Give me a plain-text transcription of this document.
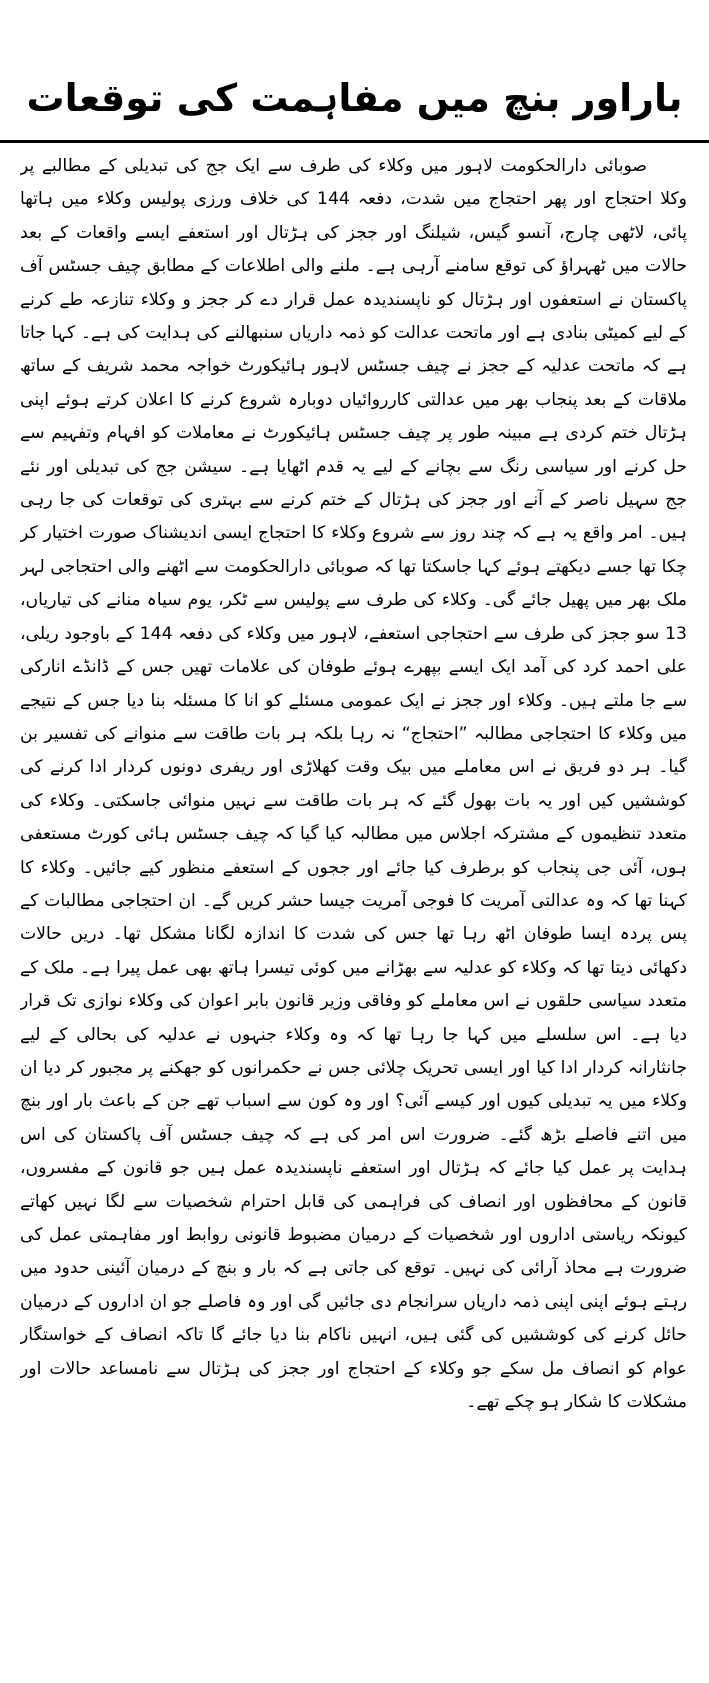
باراور بنچ میں مفاہمت کی توقعات

صوبائی دارالحکومت لاہور میں وکلاء کی طرف سے ایک جج کی تبدیلی کے مطالبے پر وکلا احتجاج اور پھر احتجاج میں شدت، دفعہ 144 کی خلاف ورزی پولیس وکلاء میں ہاتھا پائی، لاٹھی چارج، آنسو گیس، شیلنگ اور ججز کی ہڑتال اور استعفے ایسے واقعات کے بعد حالات میں ٹھہراؤ کی توقع سامنے آرہی ہے۔ ملنے والی اطلاعات کے مطابق چیف جسٹس آف پاکستان نے استعفوں اور ہڑتال کو ناپسندیدہ عمل قرار دے کر ججز و وکلاء تنازعہ طے کرنے کے لیے کمیٹی بنادی ہے اور ماتحت عدالت کو ذمہ داریاں سنبھالنے کی ہدایت کی ہے۔ کہا جاتا ہے کہ ماتحت عدلیہ کے ججز نے چیف جسٹس لاہور ہائیکورٹ خواجہ محمد شریف کے ساتھ ملاقات کے بعد پنجاب بھر میں عدالتی کارروائیاں دوبارہ شروع کرنے کا اعلان کرتے ہوئے اپنی ہڑتال ختم کردی ہے مبینہ طور پر چیف جسٹس ہائیکورٹ نے معاملات کو افہام وتفہیم سے حل کرنے اور سیاسی رنگ سے بچانے کے لیے یہ قدم اٹھایا ہے۔ سیشن جج کی تبدیلی اور نئے جج سہیل ناصر کے آنے اور ججز کی ہڑتال کے ختم کرنے سے بہتری کی توقعات کی جا رہی ہیں۔ امر واقع یہ ہے کہ چند روز سے شروع وکلاء کا احتجاج ایسی اندیشناک صورت اختیار کر چکا تھا جسے دیکھتے ہوئے کہا جاسکتا تھا کہ صوبائی دارالحکومت سے اٹھنے والی احتجاجی لہر ملک بھر میں پھیل جائے گی۔ وکلاء کی طرف سے پولیس سے ٹکر، یوم سیاہ منانے کی تیاریاں، 13 سو ججز کی طرف سے احتجاجی استعفے، لاہور میں وکلاء کی دفعہ 144 کے باوجود ریلی، علی احمد کرد کی آمد ایک ایسے بپھرے ہوئے طوفان کی علامات تھیں جس کے ڈانڈے انارکی سے جا ملتے ہیں۔ وکلاء اور ججز نے ایک عمومی مسئلے کو انا کا مسئلہ بنا دیا جس کے نتیجے میں وکلاء کا احتجاجی مطالبہ ”احتجاج“ نہ رہا بلکہ ہر بات طاقت سے منوانے کی تفسیر بن گیا۔ ہر دو فریق نے اس معاملے میں بیک وقت کھلاڑی اور ریفری دونوں کردار ادا کرنے کی کوششیں کیں اور یہ بات بھول گئے کہ ہر بات طاقت سے نہیں منوائی جاسکتی۔ وکلاء کی متعدد تنظیموں کے مشترکہ اجلاس میں مطالبہ کیا گیا کہ چیف جسٹس ہائی کورٹ مستعفی ہوں، آئی جی پنجاب کو برطرف کیا جائے اور ججوں کے استعفے منظور کیے جائیں۔ وکلاء کا کہنا تھا کہ وہ عدالتی آمریت کا فوجی آمریت جیسا حشر کریں گے۔ ان احتجاجی مطالبات کے پس پردہ ایسا طوفان اٹھ رہا تھا جس کی شدت کا اندازہ لگانا مشکل تھا۔ دریں حالات دکھائی دیتا تھا کہ وکلاء کو عدلیہ سے بھڑانے میں کوئی تیسرا ہاتھ بھی عمل پیرا ہے۔ ملک کے متعدد سیاسی حلقوں نے اس معاملے کو وفاقی وزیر قانون بابر اعوان کی وکلاء نوازی تک قرار دیا ہے۔ اس سلسلے میں کہا جا رہا تھا کہ وہ وکلاء جنہوں نے عدلیہ کی بحالی کے لیے جانثارانہ کردار ادا کیا اور ایسی تحریک چلائی جس نے حکمرانوں کو جھکنے پر مجبور کر دیا ان وکلاء میں یہ تبدیلی کیوں اور کیسے آئی؟ اور وہ کون سے اسباب تھے جن کے باعث بار اور بنچ میں اتنے فاصلے بڑھ گئے۔ ضرورت اس امر کی ہے کہ چیف جسٹس آف پاکستان کی اس ہدایت پر عمل کیا جائے کہ ہڑتال اور استعفے ناپسندیدہ عمل ہیں جو قانون کے مفسروں، قانون کے محافظوں اور انصاف کی فراہمی کی قابل احترام شخصیات سے لگا نہیں کھاتے کیونکہ ریاستی اداروں اور شخصیات کے درمیان مضبوط قانونی روابط اور مفاہمتی عمل کی ضرورت ہے محاذ آرائی کی نہیں۔ توقع کی جاتی ہے کہ بار و بنچ کے درمیان آئینی حدود میں رہتے ہوئے اپنی اپنی ذمہ داریاں سرانجام دی جائیں گی اور وہ فاصلے جو ان اداروں کے درمیان حائل کرنے کی کوششیں کی گئی ہیں، انہیں ناکام بنا دیا جائے گا تاکہ انصاف کے خواستگار عوام کو انصاف مل سکے جو وکلاء کے احتجاج اور ججز کی ہڑتال سے نامساعد حالات اور مشکلات کا شکار ہو چکے تھے۔
